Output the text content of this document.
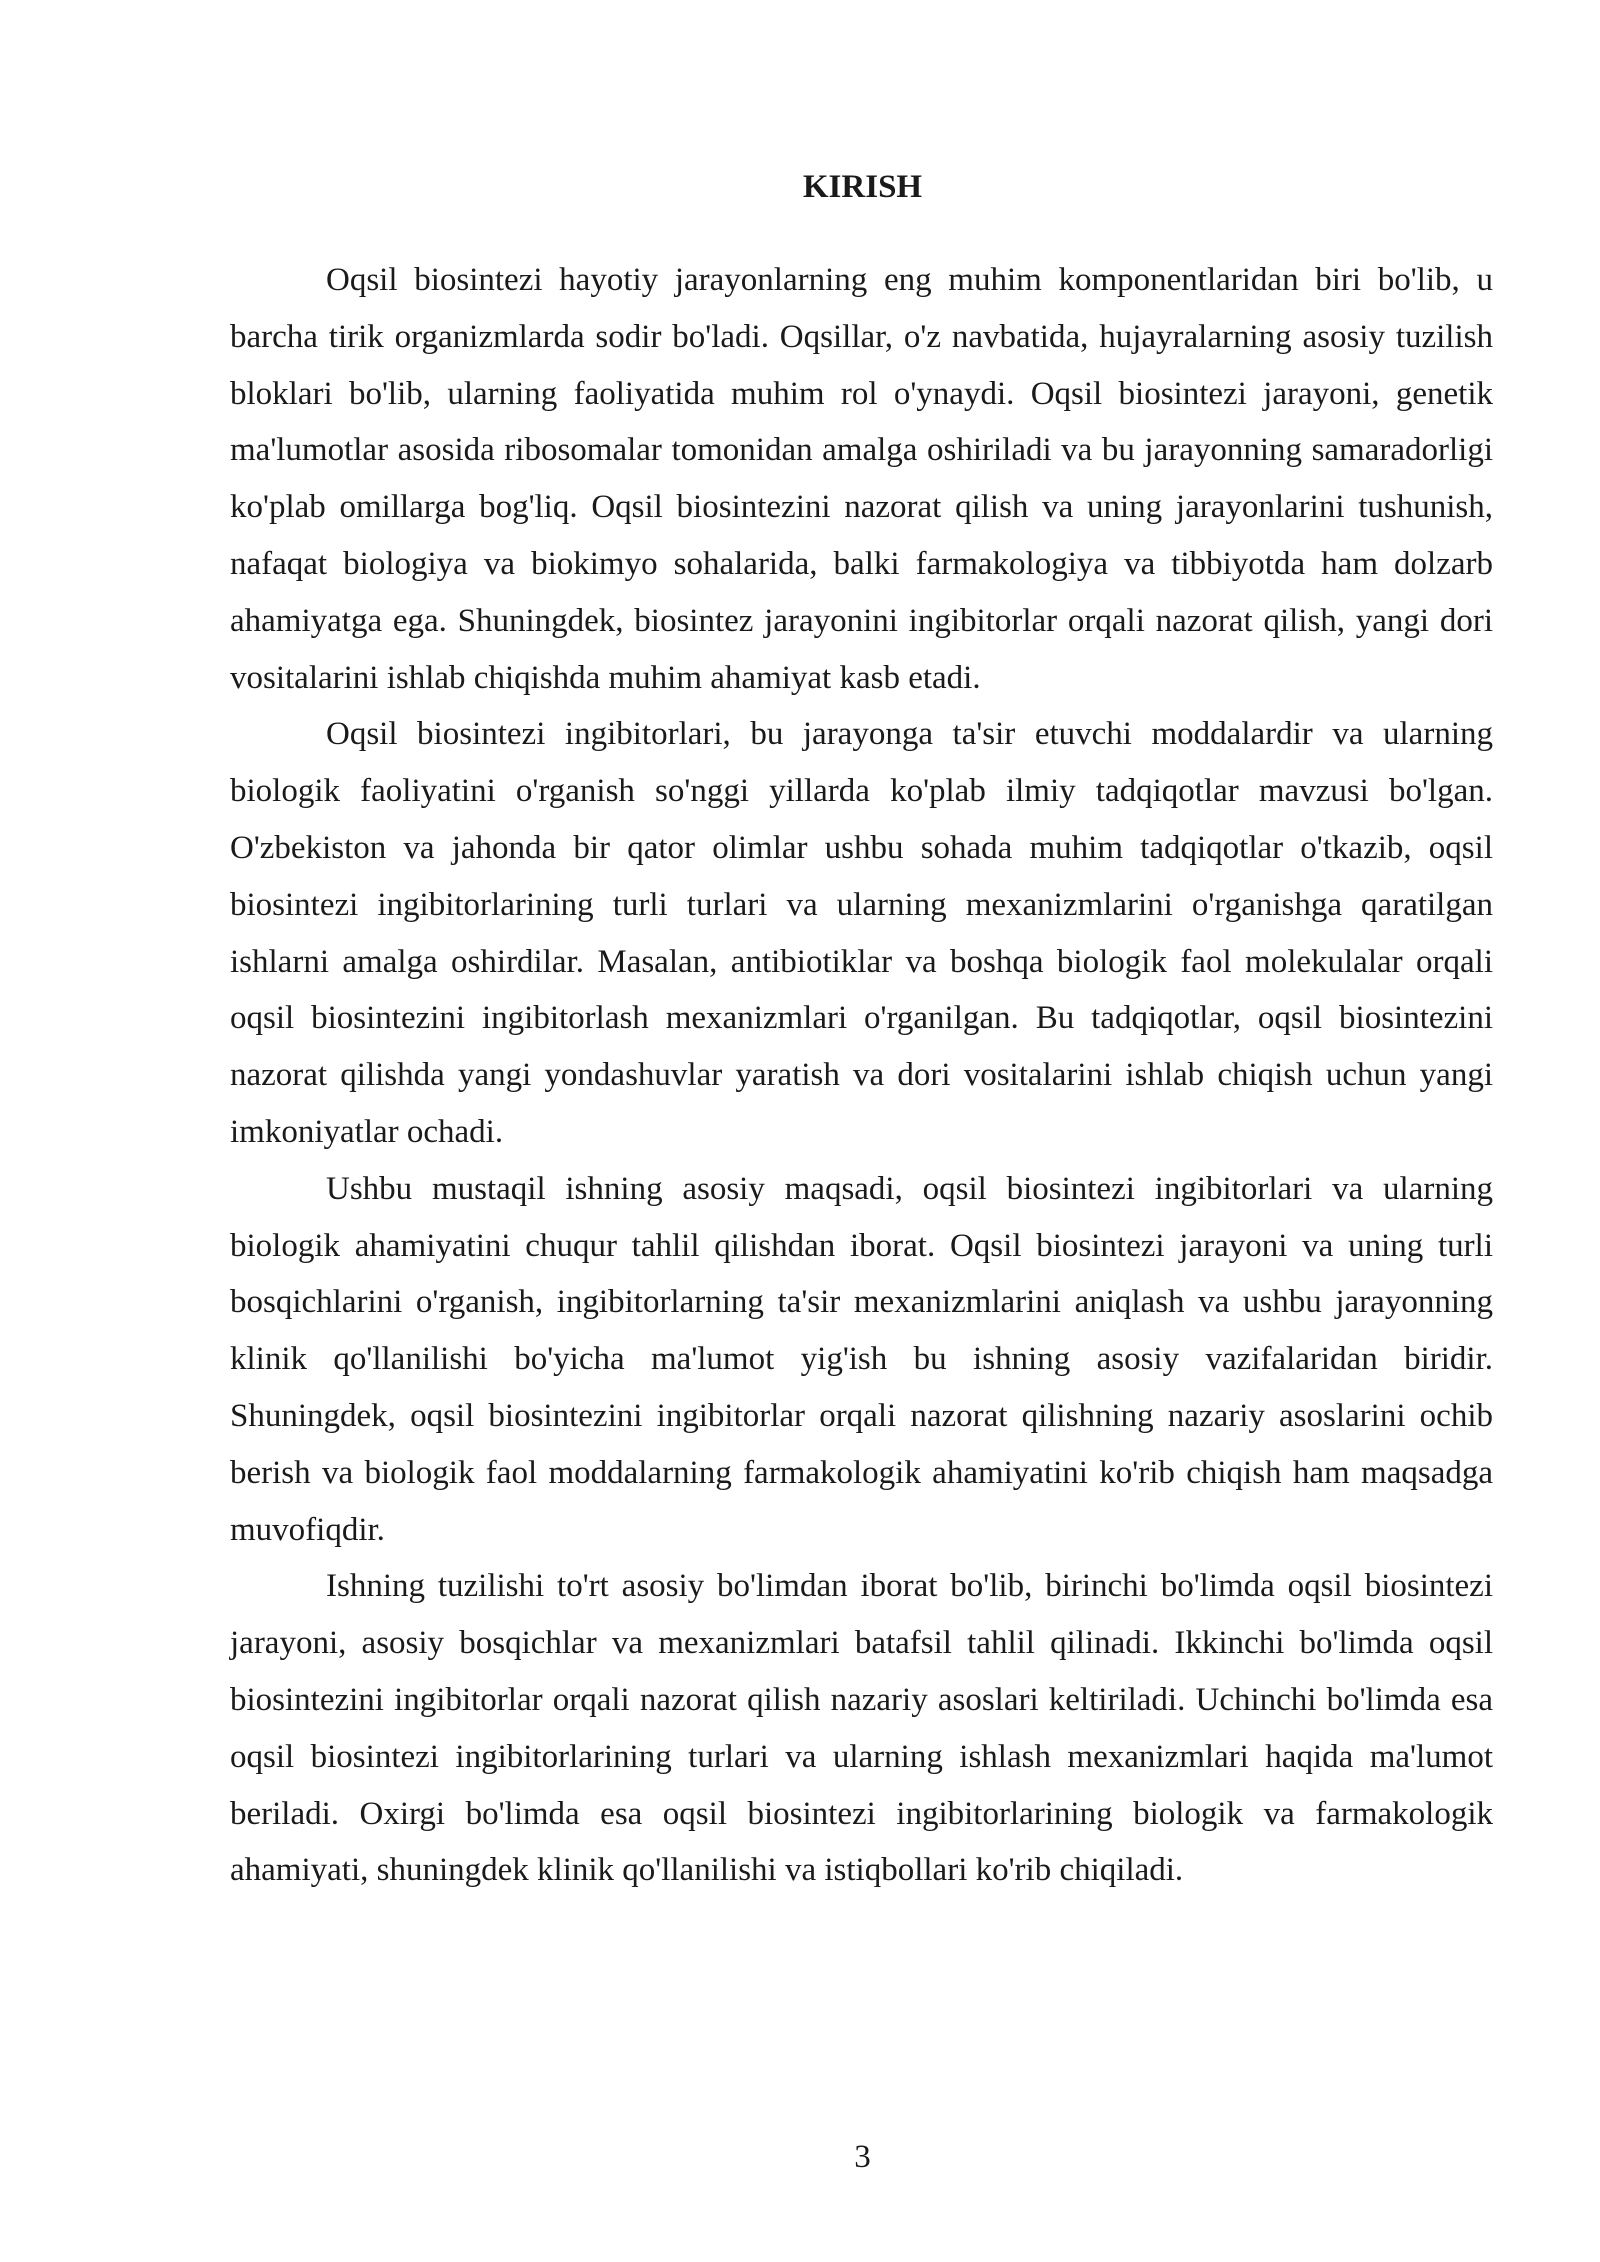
KIRISH

Oqsil biosintezi hayotiy jarayonlarning eng muhim komponentlaridan biri bo'lib, u barcha tirik organizmlarda sodir bo'ladi. Oqsillar, o'z navbatida, hujayralarning asosiy tuzilish bloklari bo'lib, ularning faoliyatida muhim rol o'ynaydi. Oqsil biosintezi jarayoni, genetik ma'lumotlar asosida ribosomalar tomonidan amalga oshiriladi va bu jarayonning samaradorligi ko'plab omillarga bog'liq. Oqsil biosintezini nazorat qilish va uning jarayonlarini tushunish, nafaqat biologiya va biokimyo sohalarida, balki farmakologiya va tibbiyotda ham dolzarb ahamiyatga ega. Shuningdek, biosintez jarayonini ingibitorlar orqali nazorat qilish, yangi dori vositalarini ishlab chiqishda muhim ahamiyat kasb etadi.

Oqsil biosintezi ingibitorlari, bu jarayonga ta'sir etuvchi moddalardir va ularning biologik faoliyatini o'rganish so'nggi yillarda ko'plab ilmiy tadqiqotlar mavzusi bo'lgan. O'zbekiston va jahonda bir qator olimlar ushbu sohada muhim tadqiqotlar o'tkazib, oqsil biosintezi ingibitorlarining turli turlari va ularning mexanizmlarini o'rganishga qaratilgan ishlarni amalga oshirdilar. Masalan, antibiotiklar va boshqa biologik faol molekulalar orqali oqsil biosintezini ingibitorlash mexanizmlari o'rganilgan. Bu tadqiqotlar, oqsil biosintezini nazorat qilishda yangi yondashuvlar yaratish va dori vositalarini ishlab chiqish uchun yangi imkoniyatlar ochadi.

Ushbu mustaqil ishning asosiy maqsadi, oqsil biosintezi ingibitorlari va ularning biologik ahamiyatini chuqur tahlil qilishdan iborat. Oqsil biosintezi jarayoni va uning turli bosqichlarini o'rganish, ingibitorlarning ta'sir mexanizmlarini aniqlash va ushbu jarayonning klinik qo'llanilishi bo'yicha ma'lumot yig'ish bu ishning asosiy vazifalaridan biridir. Shuningdek, oqsil biosintezini ingibitorlar orqali nazorat qilishning nazariy asoslarini ochib berish va biologik faol moddalarning farmakologik ahamiyatini ko'rib chiqish ham maqsadga muvofiqdir.

Ishning tuzilishi to'rt asosiy bo'limdan iborat bo'lib, birinchi bo'limda oqsil biosintezi jarayoni, asosiy bosqichlar va mexanizmlari batafsil tahlil qilinadi. Ikkinchi bo'limda oqsil biosintezini ingibitorlar orqali nazorat qilish nazariy asoslari keltiriladi. Uchinchi bo'limda esa oqsil biosintezi ingibitorlarining turlari va ularning ishlash mexanizmlari haqida ma'lumot beriladi. Oxirgi bo'limda esa oqsil biosintezi ingibitorlarining biologik va farmakologik ahamiyati, shuningdek klinik qo'llanilishi va istiqbollari ko'rib chiqiladi.

3
